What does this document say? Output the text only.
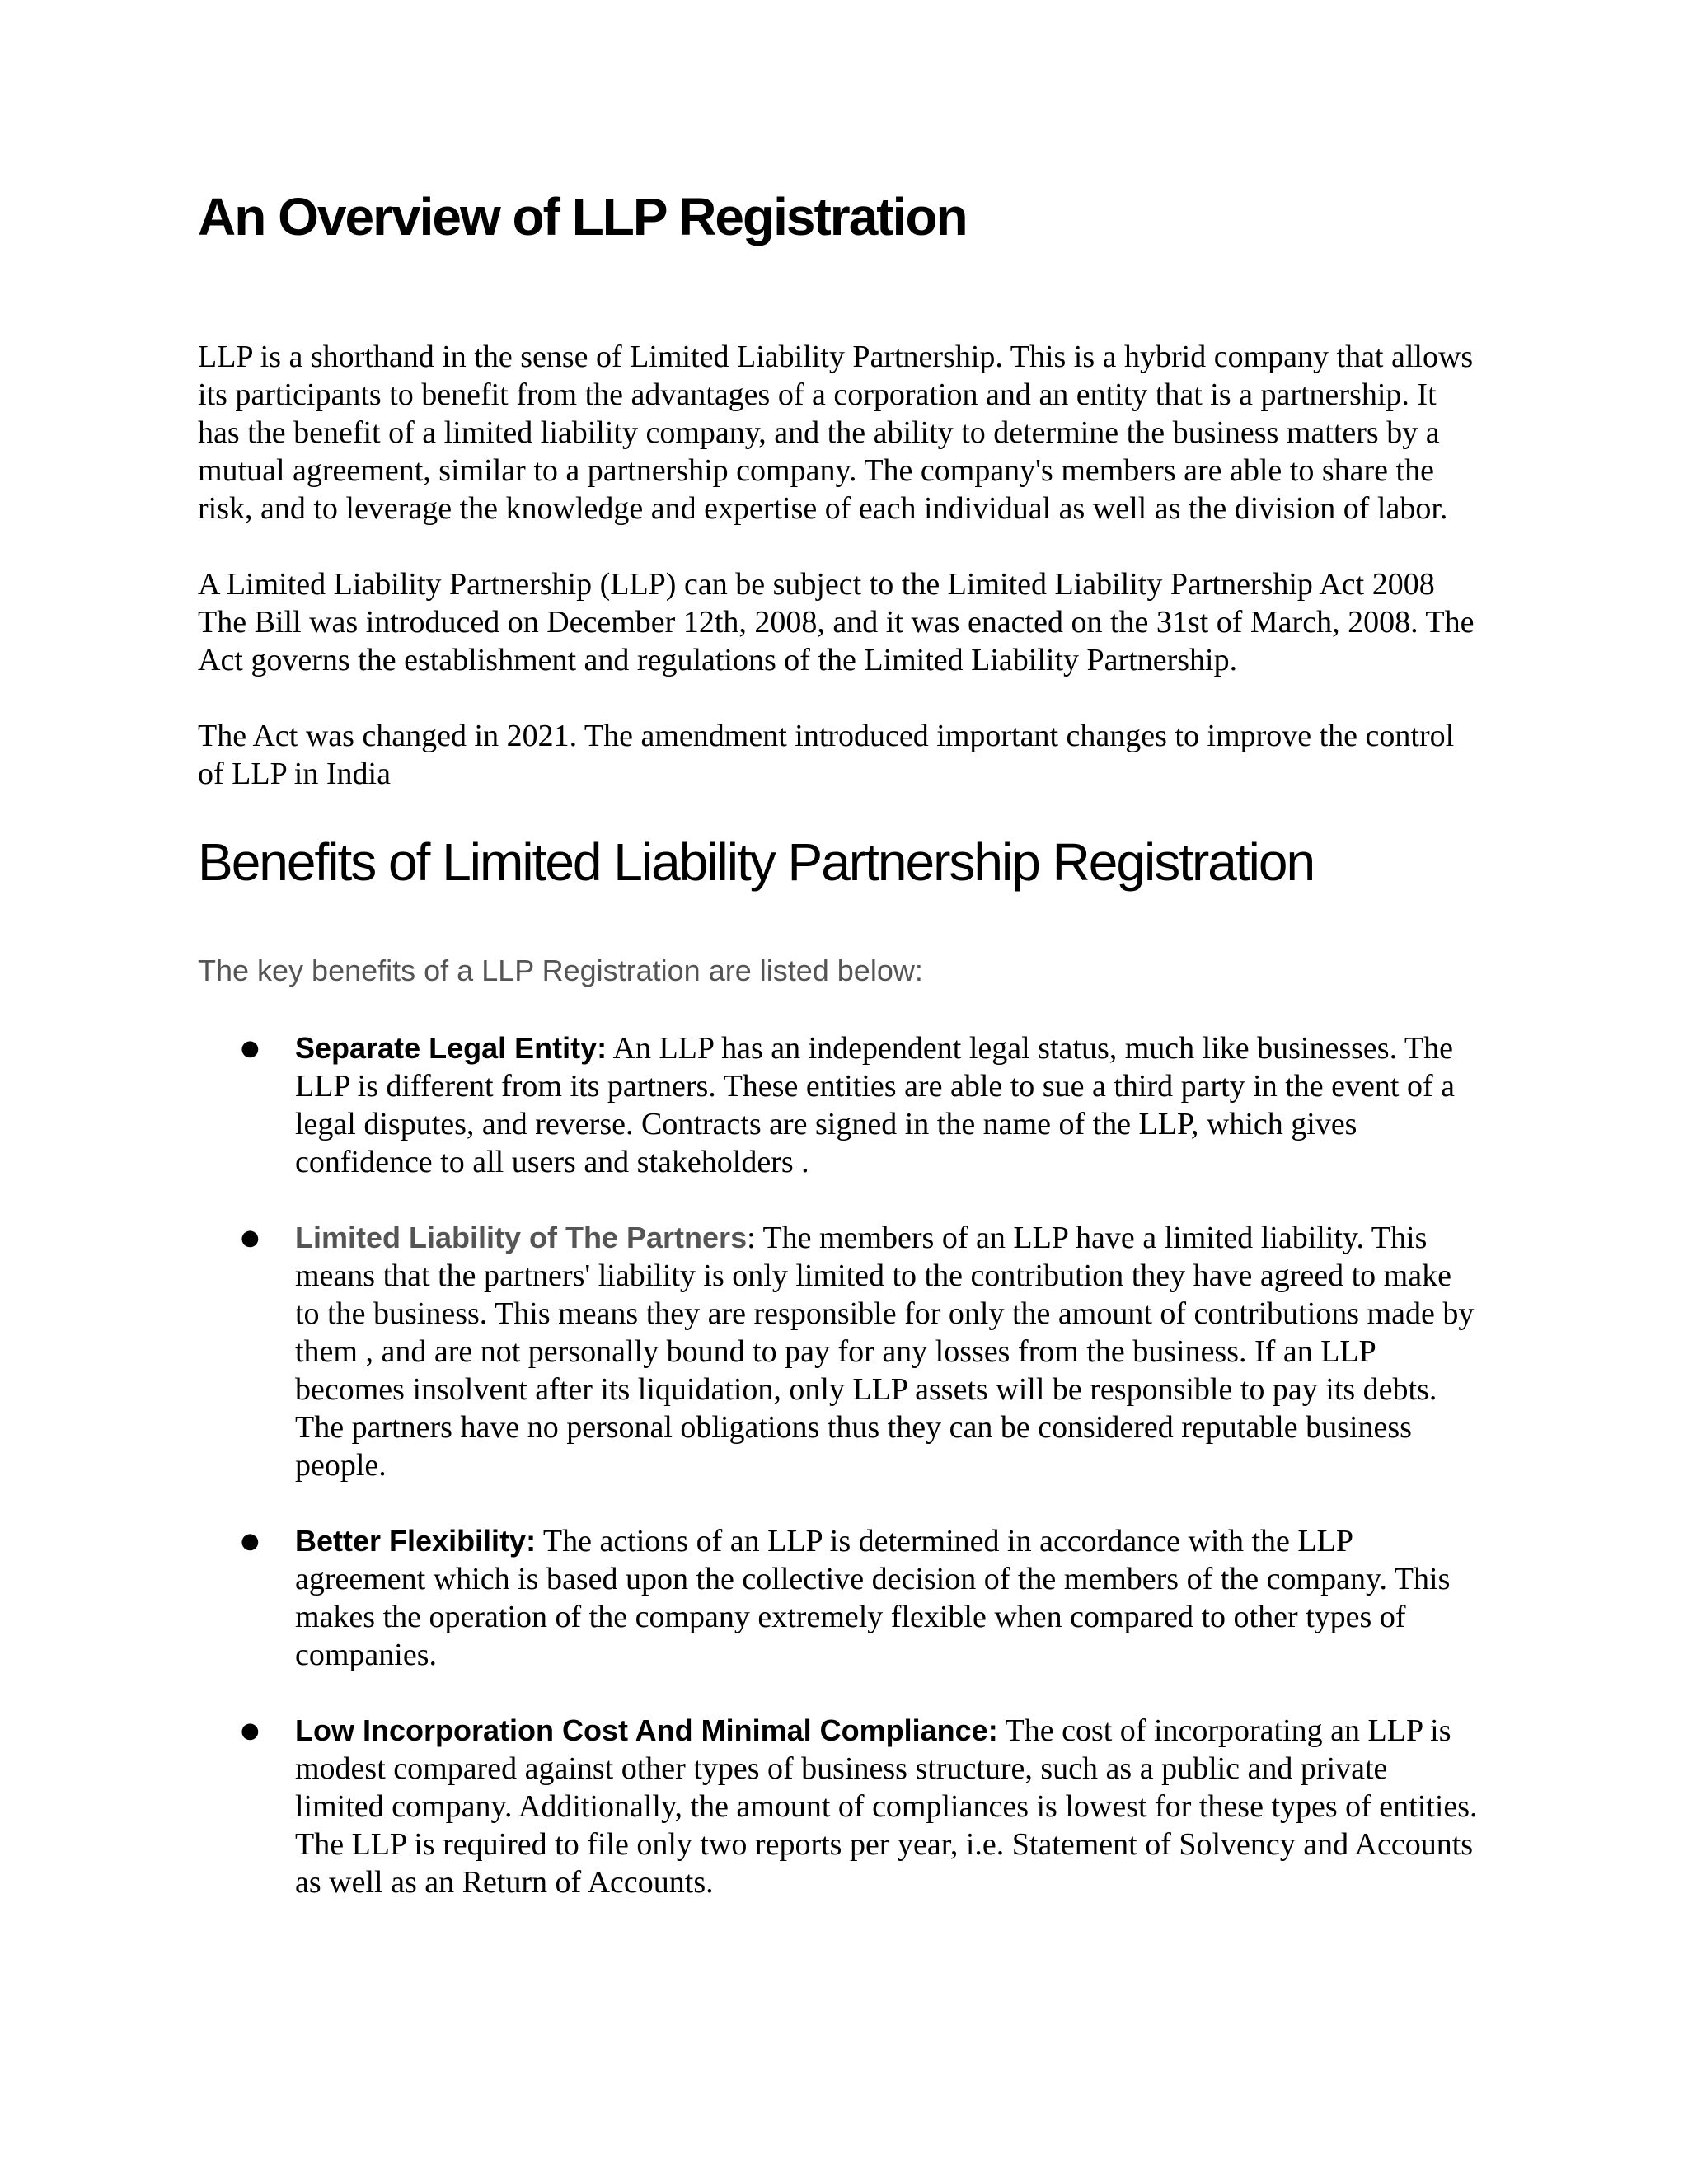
An Overview of LLP Registration

LLP is a shorthand in the sense of Limited Liability Partnership. This is a hybrid company that allows its participants to benefit from the advantages of a corporation and an entity that is a partnership. It has the benefit of a limited liability company, and the ability to determine the business matters by a mutual agreement, similar to a partnership company. The company's members are able to share the risk, and to leverage the knowledge and expertise of each individual as well as the division of labor.

A Limited Liability Partnership (LLP) can be subject to the Limited Liability Partnership Act 2008 The Bill was introduced on December 12th, 2008, and it was enacted on the 31st of March, 2008. The Act governs the establishment and regulations of the Limited Liability Partnership.

The Act was changed in 2021. The amendment introduced important changes to improve the control of LLP in India

Benefits of Limited Liability Partnership Registration

The key benefits of a LLP Registration are listed below:

● Separate Legal Entity: An LLP has an independent legal status, much like businesses. The LLP is different from its partners. These entities are able to sue a third party in the event of a legal disputes, and reverse. Contracts are signed in the name of the LLP, which gives confidence to all users and stakeholders .
● Limited Liability of The Partners: The members of an LLP have a limited liability. This means that the partners' liability is only limited to the contribution they have agreed to make to the business. This means they are responsible for only the amount of contributions made by them , and are not personally bound to pay for any losses from the business. If an LLP becomes insolvent after its liquidation, only LLP assets will be responsible to pay its debts. The partners have no personal obligations thus they can be considered reputable business people.
● Better Flexibility: The actions of an LLP is determined in accordance with the LLP agreement which is based upon the collective decision of the members of the company. This makes the operation of the company extremely flexible when compared to other types of companies.
● Low Incorporation Cost And Minimal Compliance: The cost of incorporating an LLP is modest compared against other types of business structure, such as a public and private limited company. Additionally, the amount of compliances is lowest for these types of entities. The LLP is required to file only two reports per year, i.e. Statement of Solvency and Accounts as well as an Return of Accounts.
